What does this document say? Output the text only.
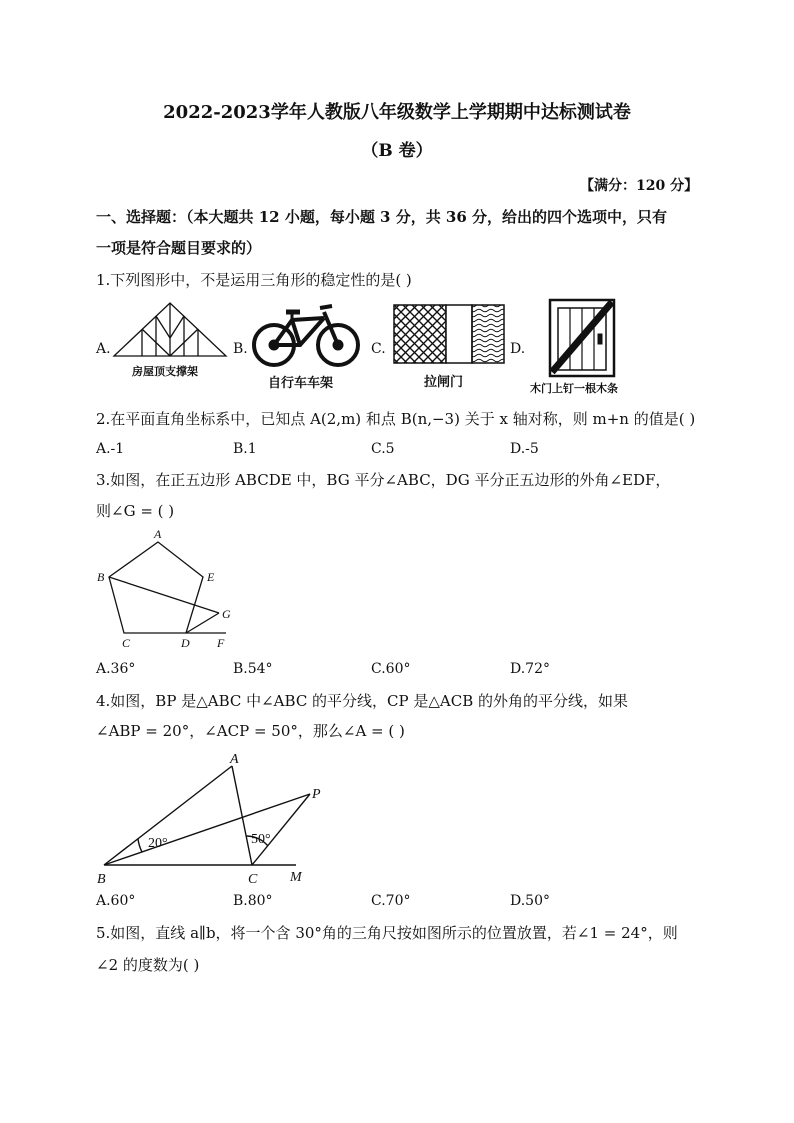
2022-2023学年人教版八年级数学上学期期中达标测试卷
（B 卷）
【满分：120 分】
一、选择题：（本大题共 12 小题，每小题 3 分，共 36 分，给出的四个选项中，只有
一项是符合题目要求的）
1.下列图形中，不是运用三角形的稳定性的是( )
A.
房屋顶支撑架
B.
自行车车架
C.
拉闸门
D.
木门上钉一根木条
2.在平面直角坐标系中，已知点 A(2,m) 和点 B(n,−3) 关于 x 轴对称，则 m+n 的值是( )
A.-1	B.1	C.5	D.-5
3.如图，在正五边形 ABCDE 中，BG 平分∠ABC，DG 平分正五边形的外角∠EDF，
则∠G = ( )
A
B
C	D
E
F
G
A.36°	B.54°	C.60°	D.72°
4.如图，BP 是△ABC 中∠ABC 的平分线，CP 是△ACB 的外角的平分线，如果
∠ABP = 20°，∠ACP = 50°，那么∠A = ( )
A
B	C M
P
20°	50°
A.60°	B.80°	C.70°	D.50°
5.如图，直线 a∥b，将一个含 30°角的三角尺按如图所示的位置放置，若∠1 = 24°，则
∠2 的度数为( )
